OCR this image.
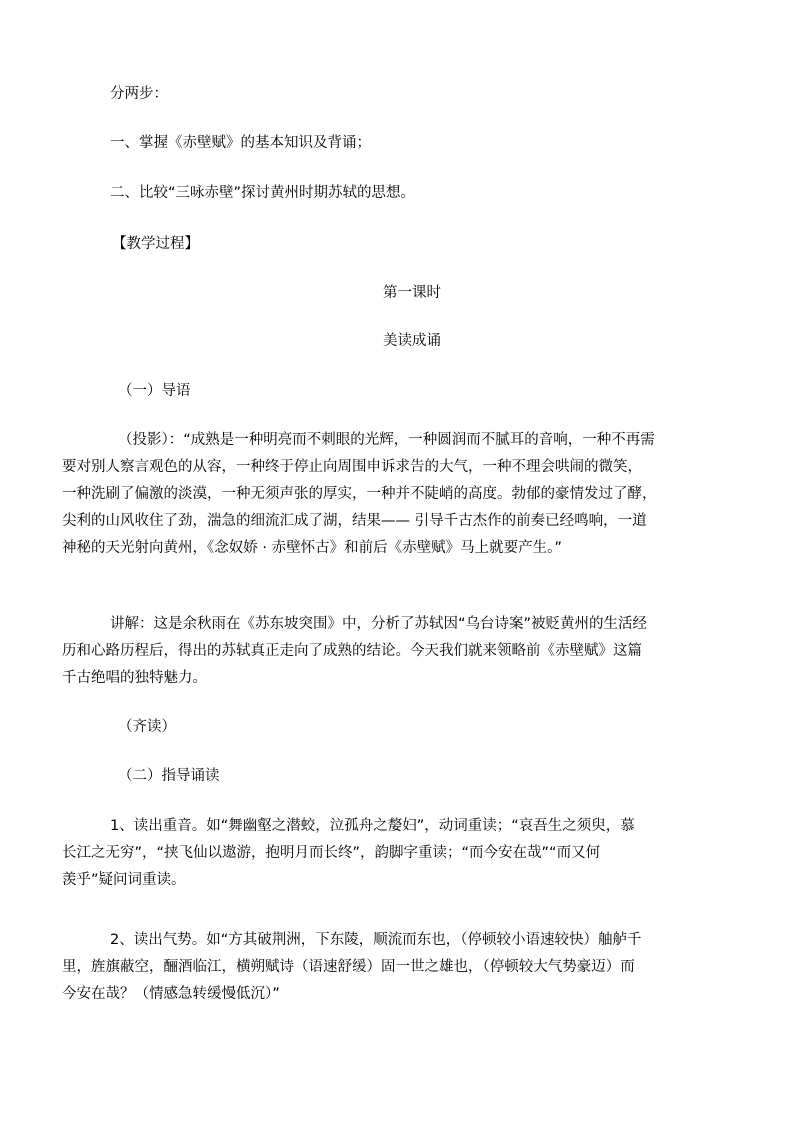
分两步：
一、掌握《赤壁赋》的基本知识及背诵；
二、比较“三咏赤壁”探讨黄州时期苏轼的思想。
【教学过程】
第一课时
美读成诵
（一）导语
（投影）：“成熟是一种明亮而不刺眼的光辉，一种圆润而不腻耳的音响，一种不再需
要对别人察言观色的从容，一种终于停止向周围申诉求告的大气，一种不理会哄闹的微笑，
一种洗刷了偏激的淡漠，一种无须声张的厚实，一种并不陡峭的高度。勃郁的豪情发过了酵，
尖利的山风收住了劲，湍急的细流汇成了湖，结果—— 引导千古杰作的前奏已经鸣响，一道
神秘的天光射向黄州，《念奴娇 · 赤壁怀古》和前后《赤壁赋》马上就要产生。”
讲解：这是余秋雨在《苏东坡突围》中，分析了苏轼因“乌台诗案”被贬黄州的生活经
历和心路历程后，得出的苏轼真正走向了成熟的结论。今天我们就来领略前《赤壁赋》这篇
千古绝唱的独特魅力。
（齐读）
（二）指导诵读
1、读出重音。如“舞幽壑之潜蛟，泣孤舟之嫠妇”，动词重读；“哀吾生之须臾，慕
长江之无穷”，“挟飞仙以遨游，抱明月而长终”，韵脚字重读；“而今安在哉”“而又何
羡乎”疑问词重读。
2、读出气势。如“方其破荆洲，下东陵，顺流而东也，（停顿较小语速较快）舳舻千
里，旌旗蔽空，酾酒临江，横朔赋诗（语速舒缓）固一世之雄也，（停顿较大气势豪迈）而
今安在哉？（情感急转缓慢低沉）”
